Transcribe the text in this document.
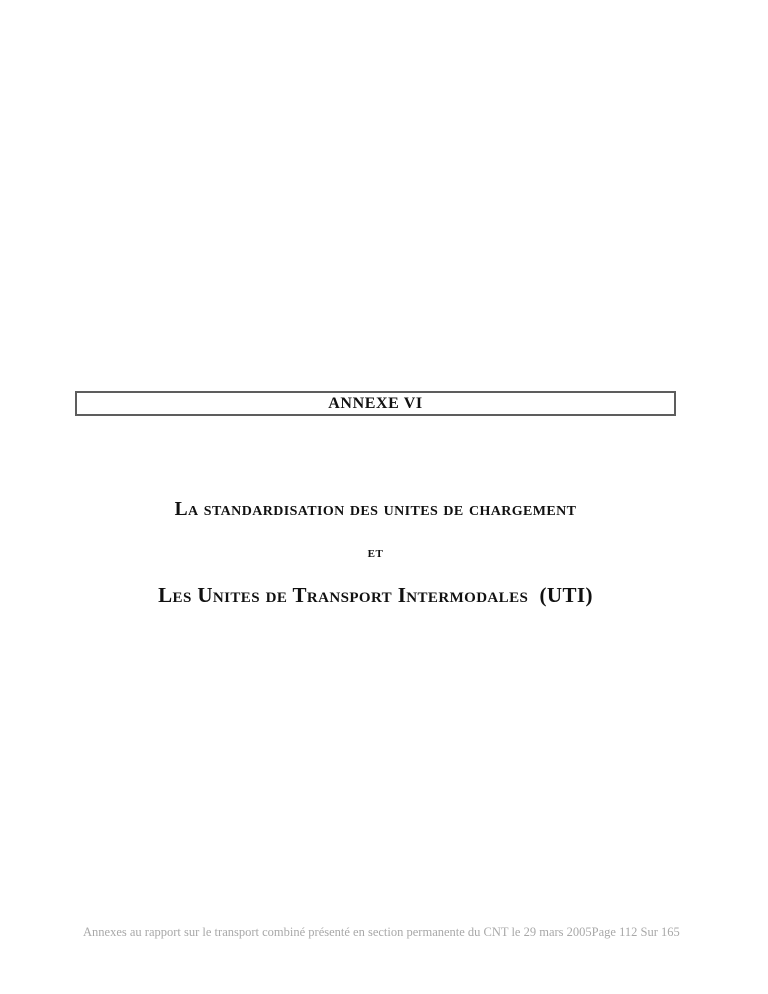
ANNEXE VI
La standardisation des unites de chargement
et
Les Unites de Transport Intermodales  (UTI)
Annexes au rapport sur le transport combiné présenté en section permanente du CNT le 29 mars 2005 Page 112 Sur 165
